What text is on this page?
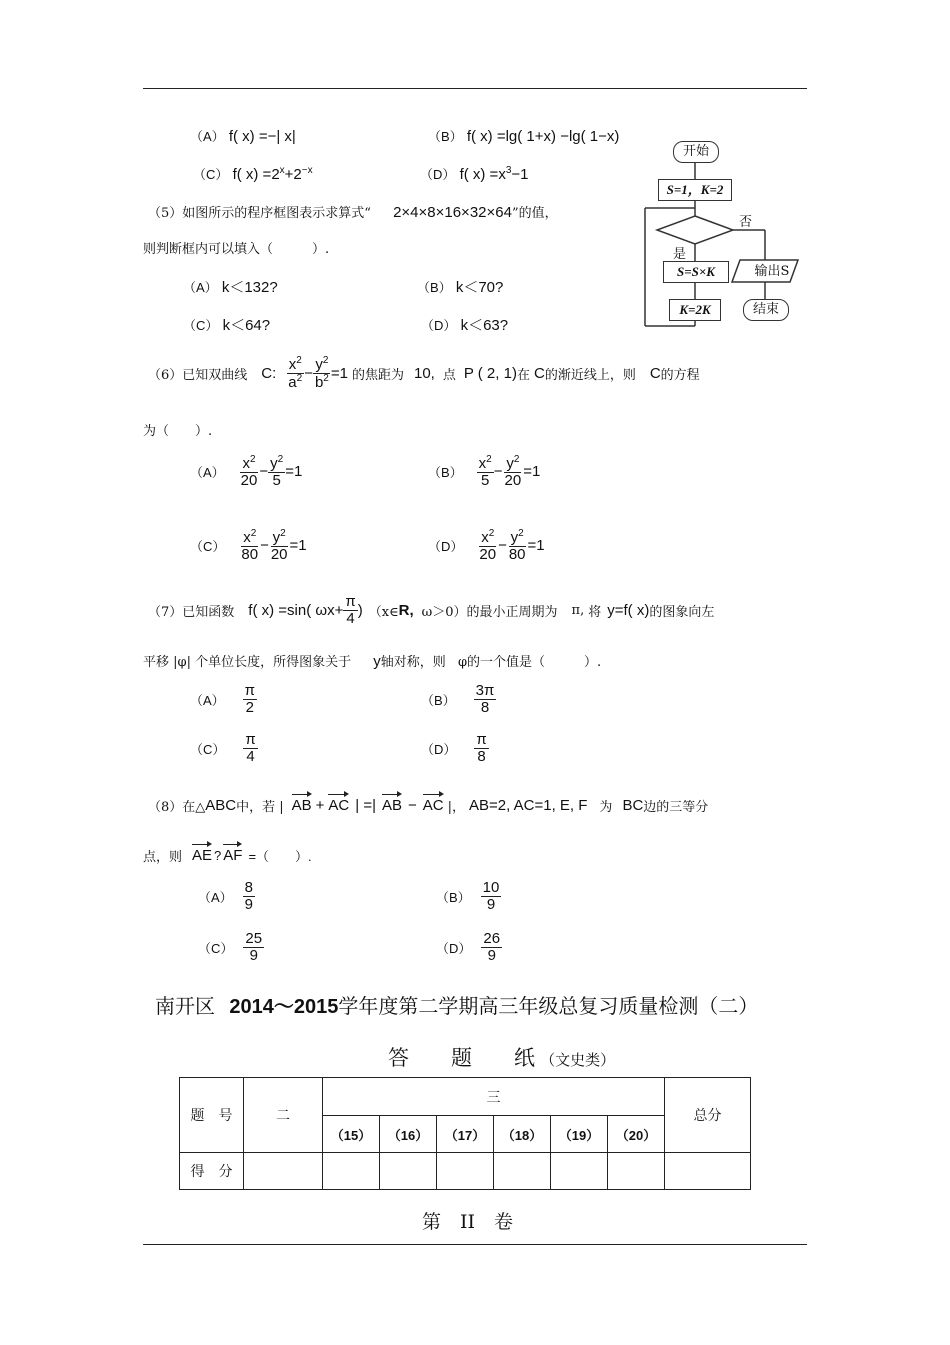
（A） f( x) =−| x|	（B） f( x) =lg( 1+x) −lg( 1−x)
（C） f( $x) =2^x+2^{-x}$	（D） f( $x) =x^3-1$
（5）如图所示的程序框图表示求算式“ 2×4×8×16×32×64”的值，
则判断框内可以填入（　　　）.
（A） k＜132?	（B） k＜70?
（C） k＜64?	（D） k＜63?
开始
S=1，K=2
否
是
S=S×K	输出S
K=2K	结束
（6）已知双曲线 C: $\frac{x^2}{a^2} - \frac{y^2}{b^2} =1$ 的焦距为 10, 点 P ( 2, 1) 在 C 的渐近线上，则 C 的方程
为（　　）.
$(A) \frac{x^2}{20} - \frac{y^2}{5} =1$	$(B) \frac{x^2}{5} - \frac{y^2}{20} =1$
$(C) \frac{x^2}{80} - \frac{y^2}{20} =1$	$(D) \frac{x^2}{20} - \frac{y^2}{80} =1$
（7）已知函数 f( x) =sin( $\omega x+ \frac{\pi}{4}$ ) （x∈ R, ω＞0）的最小正周期为 π, 将 y=f( x) 的图象向左
平移 |φ| 个单位长度，所得图象关于 y轴对称，则 φ的一个值是（　　　）.
$(A) \frac{\pi}{2}$	$(B) \frac{3\pi}{8}$
$(C) \frac{\pi}{4}$	$(D) \frac{\pi}{8}$
（8）在△ ABC 中，若 | AB + AC | =| AB − AC |， AB=2, AC=1, E, F 为 BC 边的三等分
点，则 AE ? AF =（　　）.
$(A) \frac{8}{9}$	$(B) \frac{10}{9}$
$(C) \frac{25}{9}$	$(D) \frac{26}{9}$
南开区 2014～2015学年度第二学期高三年级总复习质量检测（二）
答　　题　　纸 （文史类）
题　号	二	三						总分
		（15）	（16）	（17）	（18）	（19）	（20）	
得　分								
第　II　卷
